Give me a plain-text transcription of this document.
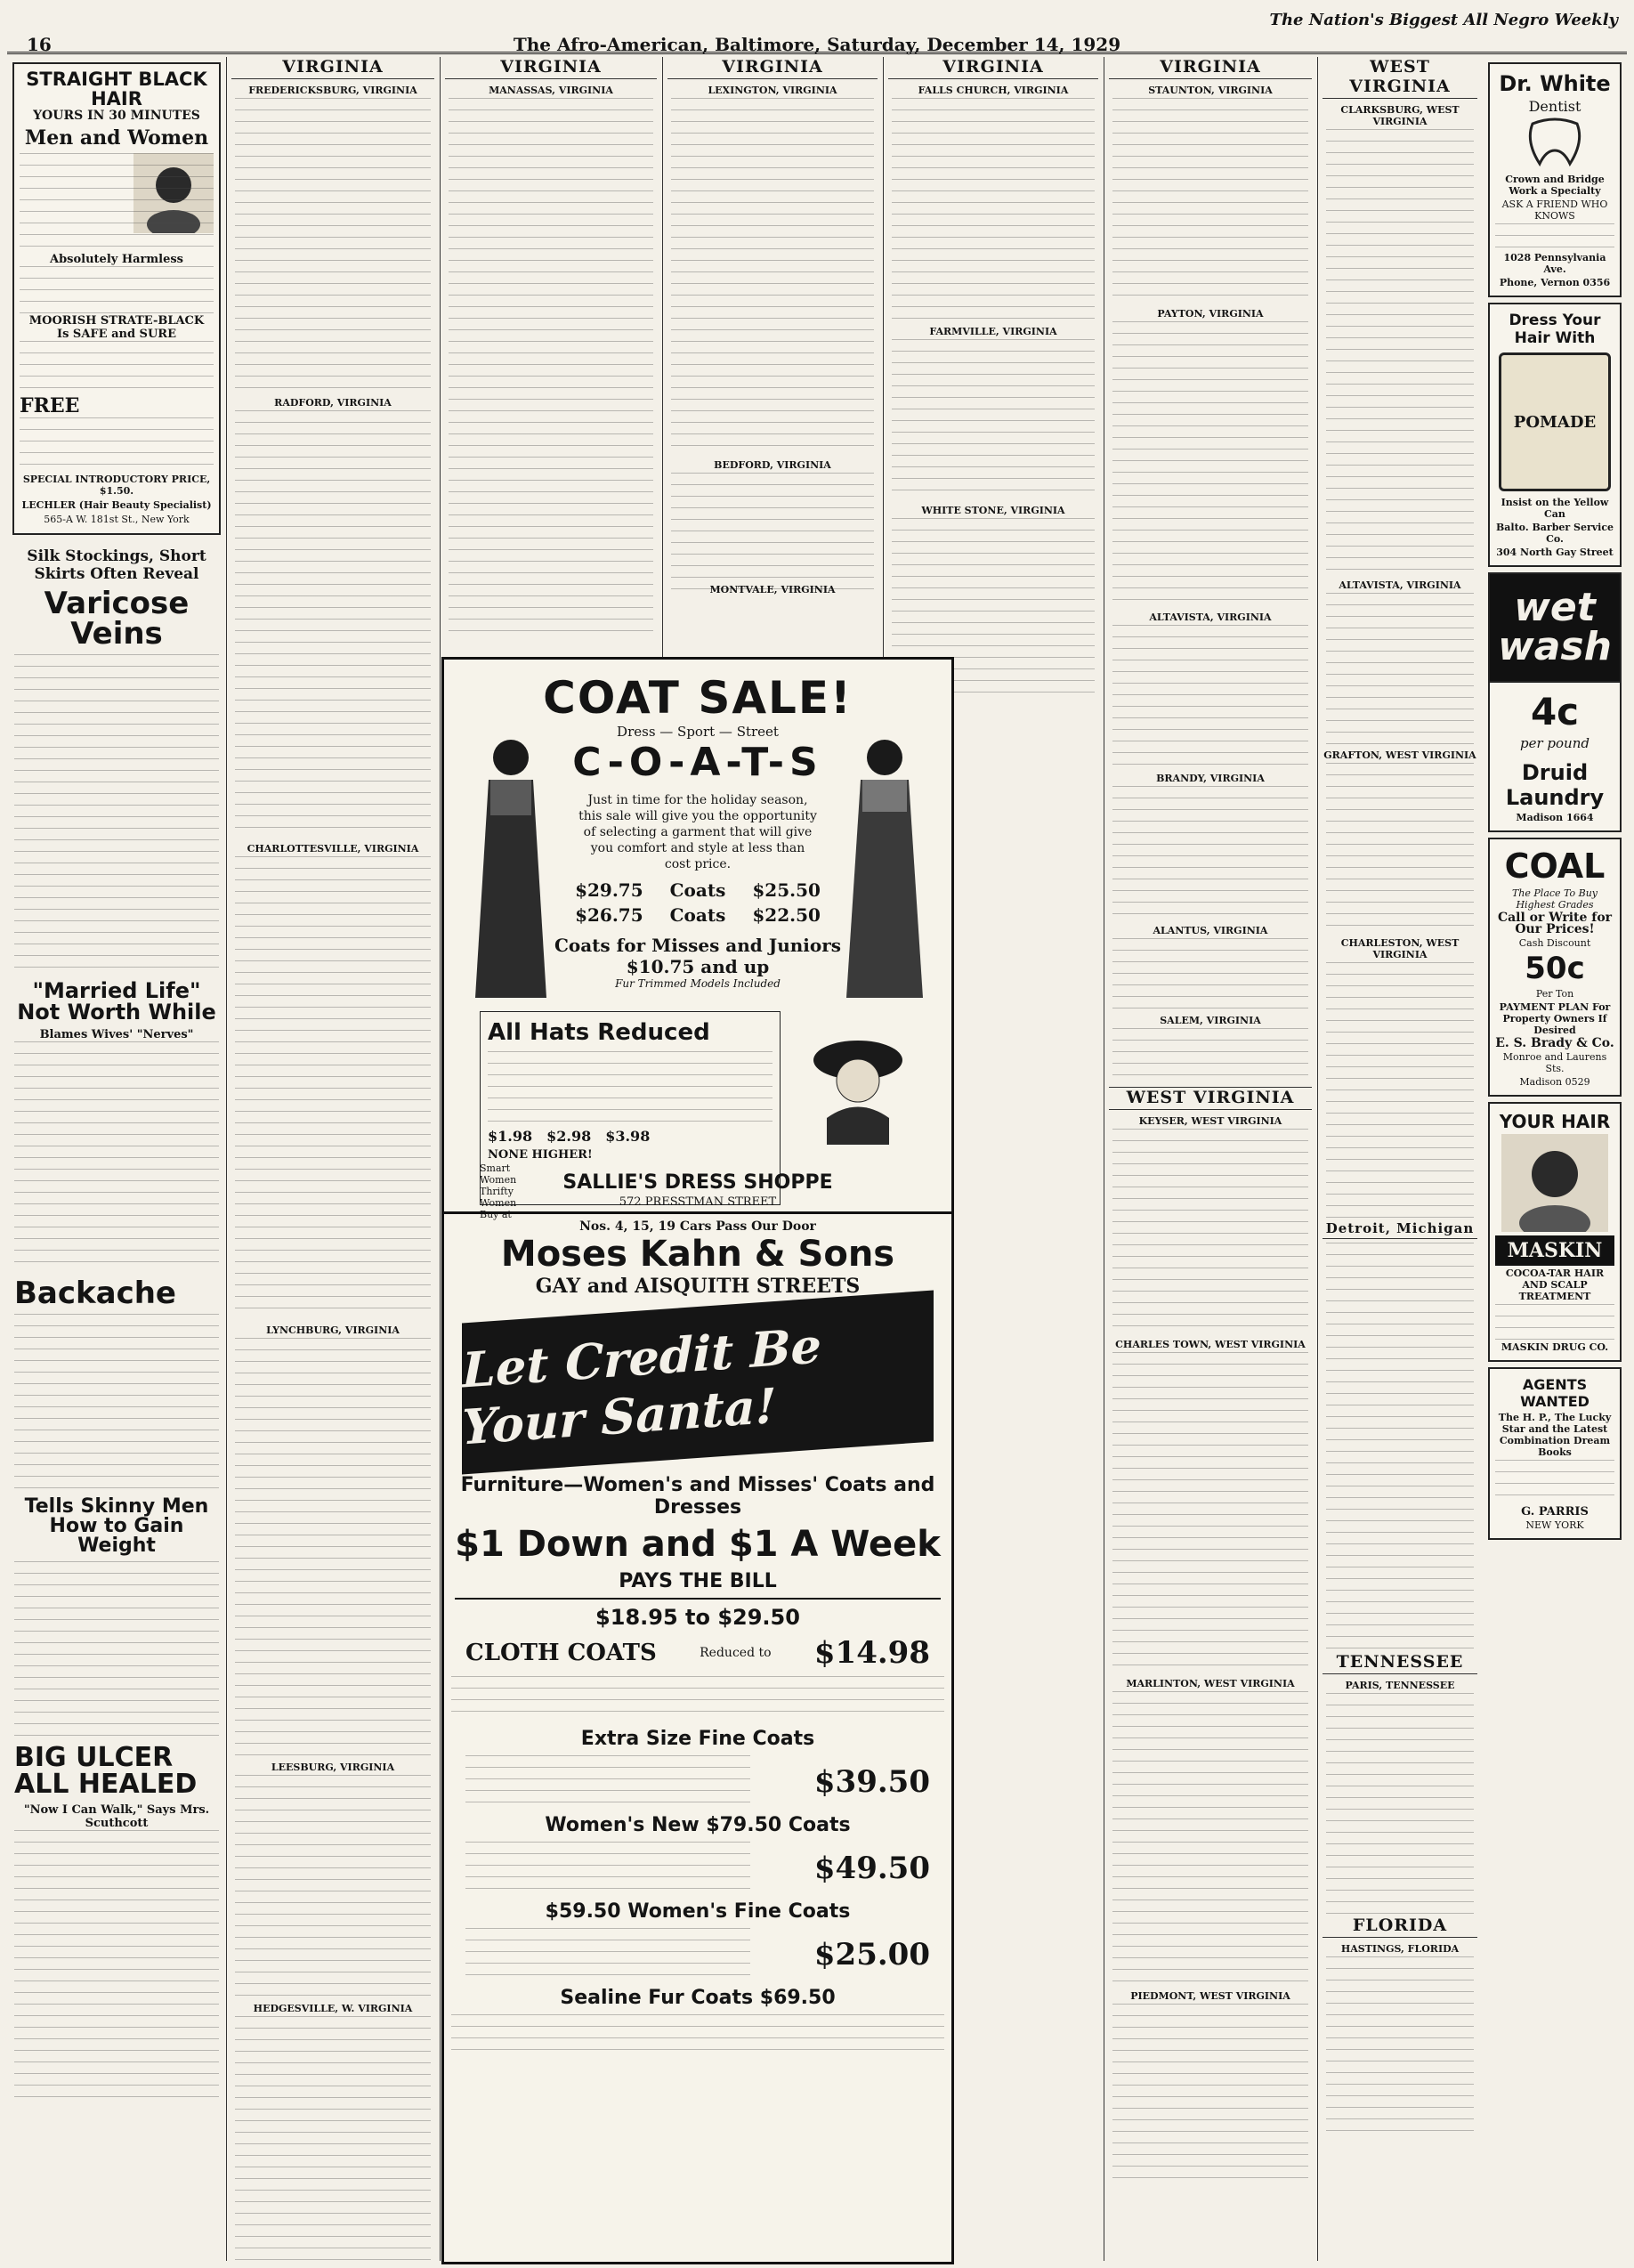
16	The Afro-American, Baltimore, Saturday, December 14, 1929
The Nation's Biggest All Negro Weekly
STRAIGHT BLACK HAIR
YOURS IN 30 MINUTES
Men and Women
Absolutely Harmless
MOORISH STRATE-BLACK
Is SAFE and SURE
FREE

SPECIAL INTRODUCTORY PRICE, $1.50.

LECHLER (Hair Beauty Specialist)

565-A W. 181st St., New York

Silk Stockings, Short Skirts Often Reveal
Varicose Veins
"Married Life" Not Worth While
Blames Wives' "Nerves"
Backache
Tells Skinny Men
How to Gain
Weight
BIG ULCER
ALL HEALED
"Now I Can Walk," Says Mrs. Scuthcott
VIRGINIA
FREDERICKSBURG, VIRGINIA
RADFORD, VIRGINIA
CHARLOTTESVILLE, VIRGINIA
LYNCHBURG, VIRGINIA
LEESBURG, VIRGINIA
HEDGESVILLE, W. VIRGINIA
VIRGINIA
MANASSAS, VIRGINIA
VIRGINIA
LEXINGTON, VIRGINIA
BEDFORD, VIRGINIA
VIRGINIA
FALLS CHURCH, VIRGINIA
FARMVILLE, VIRGINIA
WHITE STONE, VIRGINIA
VIRGINIA
STAUNTON, VIRGINIA
PAYTON, VIRGINIA
ALTAVISTA, VIRGINIA
BRANDY, VIRGINIA
ALANTUS, VIRGINIA
SALEM, VIRGINIA
WEST VIRGINIA
KEYSER, WEST VIRGINIA
CHARLES TOWN, WEST VIRGINIA
MARLINTON, WEST VIRGINIA
PIEDMONT, WEST VIRGINIA
WEST VIRGINIA
CLARKSBURG, WEST VIRGINIA
ALTAVISTA, VIRGINIA
GRAFTON, WEST VIRGINIA
CHARLESTON, WEST VIRGINIA
Detroit, Michigan
TENNESSEE
PARIS, TENNESSEE
FLORIDA
HASTINGS, FLORIDA
Dr. White
Dentist

Crown and Bridge Work a Specialty

ASK A FRIEND WHO KNOWS

1028 Pennsylvania Ave.

Phone, Vernon 0356

Dress Your Hair With
POMADE

Insist on the Yellow Can

Balto. Barber Service Co.

304 North Gay Street

wet wash
4c
per pound
Druid Laundry

Madison 1664

COAL

The Place To Buy Highest Grades

Call or Write for Our Prices!

Cash Discount

50c

Per Ton

PAYMENT PLAN For Property Owners If Desired

E. S. Brady & Co.

Monroe and Laurens Sts.

Madison 0529

YOUR HAIR
MASKIN

COCOA-TAR HAIR AND SCALP TREATMENT

MASKIN DRUG CO.

AGENTS WANTED

The H. P., The Lucky Star and the Latest Combination Dream Books

G. PARRIS

NEW YORK

COAT SALE!
Dress — Sport — Street
C-O-A-T-S
Just in time for the holiday season, this sale will give you the opportunity of selecting a garment that will give you comfort and style at less than cost price.
$29.75 Coats $25.50
$26.75 Coats $22.50
Coats for Misses and Juniors
$10.75 and up
Fur Trimmed Models Included
All Hats Reduced
$1.98 $2.98 $3.98
NONE HIGHER!
Smart Women Thrifty Women Buy at
SALLIE'S DRESS SHOPPE
572 PRESSTMAN STREET
Nos. 4, 15, 19 Cars Pass Our Door
Moses Kahn & Sons
GAY and AISQUITH STREETS
Let Credit Be Your Santa!
Furniture—Women's and Misses' Coats and Dresses
$1 Down and $1 A Week
PAYS THE BILL
$18.95 to $29.50
CLOTH COATS	Reduced to $14.98
Extra Size Fine Coats
$39.50
Women's New $79.50 Coats
$49.50
$59.50 Women's Fine Coats
$25.00
Sealine Fur Coats $69.50
MONTVALE, VIRGINIA
